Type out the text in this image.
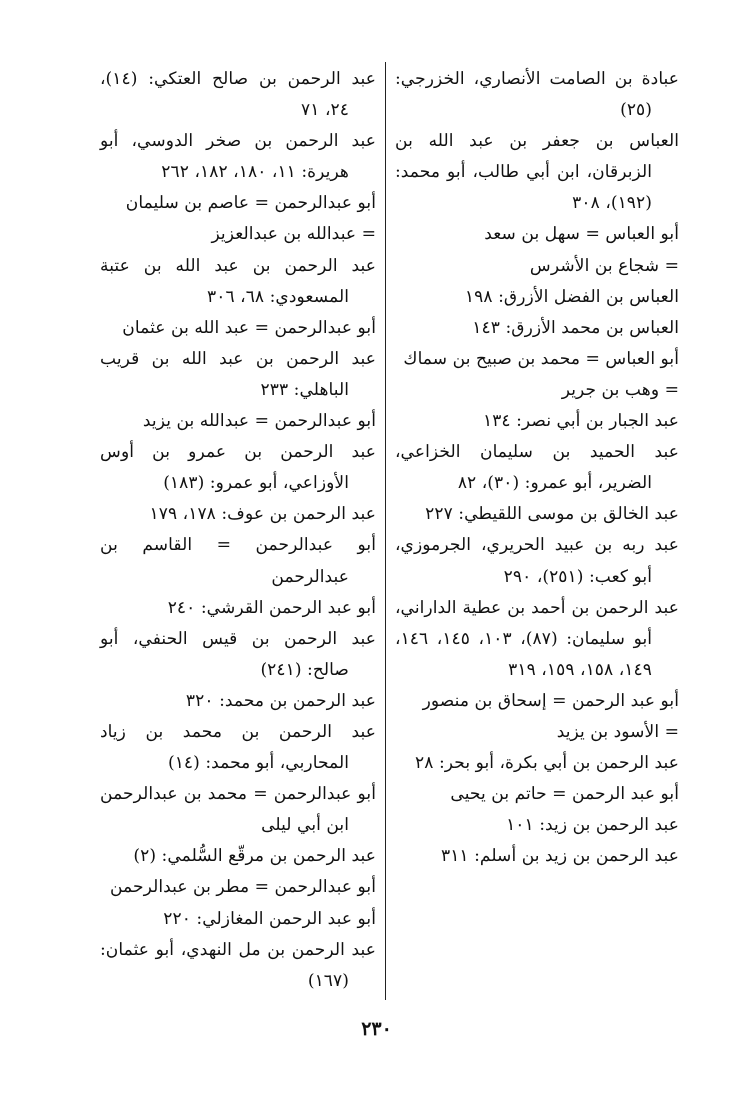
عبادة بن الصامت الأنصاري، الخزرجي: (٢٥)

العباس بن جعفر بن عبد الله بن الزبرقان، ابن أبي طالب، أبو محمد: (١٩٢)، ٣٠٨

أبو العباس = سهل بن سعد

= شجاع بن الأشرس

العباس بن الفضل الأزرق: ١٩٨

العباس بن محمد الأزرق: ١٤٣

أبو العباس = محمد بن صبيح بن سماك

= وهب بن جرير

عبد الجبار بن أبي نصر: ١٣٤

عبد الحميد بن سليمان الخزاعي، الضرير، أبو عمرو: (٣٠)، ٨٢

عبد الخالق بن موسى اللقيطي: ٢٢٧

عبد ربه بن عبيد الحريري، الجرموزي، أبو كعب: (٢٥١)، ٢٩٠

عبد الرحمن بن أحمد بن عطية الداراني، أبو سليمان: (٨٧)، ١٠٣، ١٤٥، ١٤٦، ١٤٩، ١٥٨، ١٥٩، ٣١٩

أبو عبد الرحمن = إسحاق بن منصور

= الأسود بن يزيد

عبد الرحمن بن أبي بكرة، أبو بحر: ٢٨

أبو عبد الرحمن = حاتم بن يحيى

عبد الرحمن بن زيد: ١٠١

عبد الرحمن بن زيد بن أسلم: ٣١١

عبد الرحمن بن صالح العتكي: (١٤)، ٢٤، ٧١

عبد الرحمن بن صخر الدوسي، أبو هريرة: ١١، ١٨٠، ١٨٢، ٢٦٢

أبو عبدالرحمن = عاصم بن سليمان

= عبدالله بن عبدالعزيز

عبد الرحمن بن عبد الله بن عتبة المسعودي: ٦٨، ٣٠٦

أبو عبدالرحمن = عبد الله بن عثمان

عبد الرحمن بن عبد الله بن قريب الباهلي: ٢٣٣

أبو عبدالرحمن = عبدالله بن يزيد

عبد الرحمن بن عمرو بن أوس الأوزاعي، أبو عمرو: (١٨٣)

عبد الرحمن بن عوف: ١٧٨، ١٧٩

أبو عبدالرحمن = القاسم بن عبدالرحمن

أبو عبد الرحمن القرشي: ٢٤٠

عبد الرحمن بن قيس الحنفي، أبو صالح: (٢٤١)

عبد الرحمن بن محمد: ٣٢٠

عبد الرحمن بن محمد بن زياد المحاربي، أبو محمد: (١٤)

أبو عبدالرحمن = محمد بن عبدالرحمن ابن أبي ليلى

عبد الرحمن بن مرقّع السُّلمي: (٢)

أبو عبدالرحمن = مطر بن عبدالرحمن

أبو عبد الرحمن المغازلي: ٢٢٠

عبد الرحمن بن مل النهدي، أبو عثمان: (١٦٧)

٢٣٠
